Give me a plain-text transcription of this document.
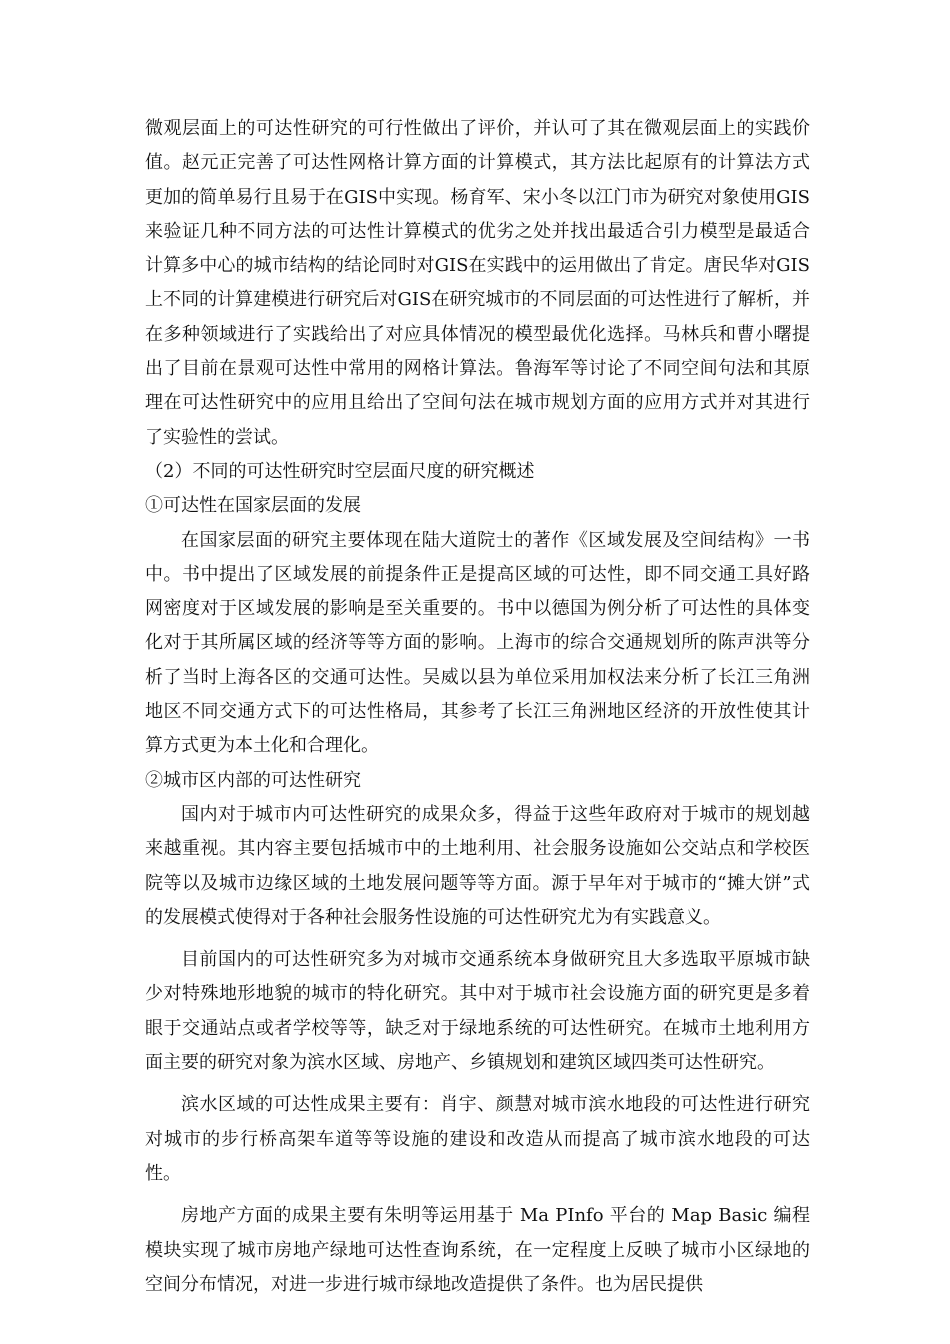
微观层面上的可达性研究的可行性做出了评价，并认可了其在微观层面上的实践价值。赵元正完善了可达性网格计算方面的计算模式，其方法比起原有的计算法方式更加的简单易行且易于在GIS中实现。杨育军、宋小冬以江门市为研究对象使用GIS来验证几种不同方法的可达性计算模式的优劣之处并找出最适合引力模型是最适合计算多中心的城市结构的结论同时对GIS在实践中的运用做出了肯定。唐民华对GIS上不同的计算建模进行研究后对GIS在研究城市的不同层面的可达性进行了解析，并在多种领域进行了实践给出了对应具体情况的模型最优化选择。马林兵和曹小曙提出了目前在景观可达性中常用的网格计算法。鲁海军等讨论了不同空间句法和其原理在可达性研究中的应用且给出了空间句法在城市规划方面的应用方式并对其进行了实验性的尝试。

（2）不同的可达性研究时空层面尺度的研究概述

①可达性在国家层面的发展

在国家层面的研究主要体现在陆大道院士的著作《区域发展及空间结构》一书中。书中提出了区域发展的前提条件正是提高区域的可达性，即不同交通工具好路网密度对于区域发展的影响是至关重要的。书中以德国为例分析了可达性的具体变化对于其所属区域的经济等等方面的影响。上海市的综合交通规划所的陈声洪等分析了当时上海各区的交通可达性。吴威以县为单位采用加权法来分析了长江三角洲地区不同交通方式下的可达性格局，其参考了长江三角洲地区经济的开放性使其计算方式更为本土化和合理化。

②城市区内部的可达性研究

国内对于城市内可达性研究的成果众多，得益于这些年政府对于城市的规划越来越重视。其内容主要包括城市中的土地利用、社会服务设施如公交站点和学校医院等以及城市边缘区域的土地发展问题等等方面。源于早年对于城市的“摊大饼”式的发展模式使得对于各种社会服务性设施的可达性研究尤为有实践意义。

目前国内的可达性研究多为对城市交通系统本身做研究且大多选取平原城市缺少对特殊地形地貌的城市的特化研究。其中对于城市社会设施方面的研究更是多着眼于交通站点或者学校等等，缺乏对于绿地系统的可达性研究。在城市土地利用方面主要的研究对象为滨水区域、房地产、乡镇规划和建筑区域四类可达性研究。

滨水区域的可达性成果主要有：肖宇、颜慧对城市滨水地段的可达性进行研究对城市的步行桥高架车道等等设施的建设和改造从而提高了城市滨水地段的可达性。

房地产方面的成果主要有朱明等运用基于 Ma PInfo 平台的 Map Basic 编程模块实现了城市房地产绿地可达性查询系统，在一定程度上反映了城市小区绿地的空间分布情况，对进一步进行城市绿地改造提供了条件。也为居民提供
